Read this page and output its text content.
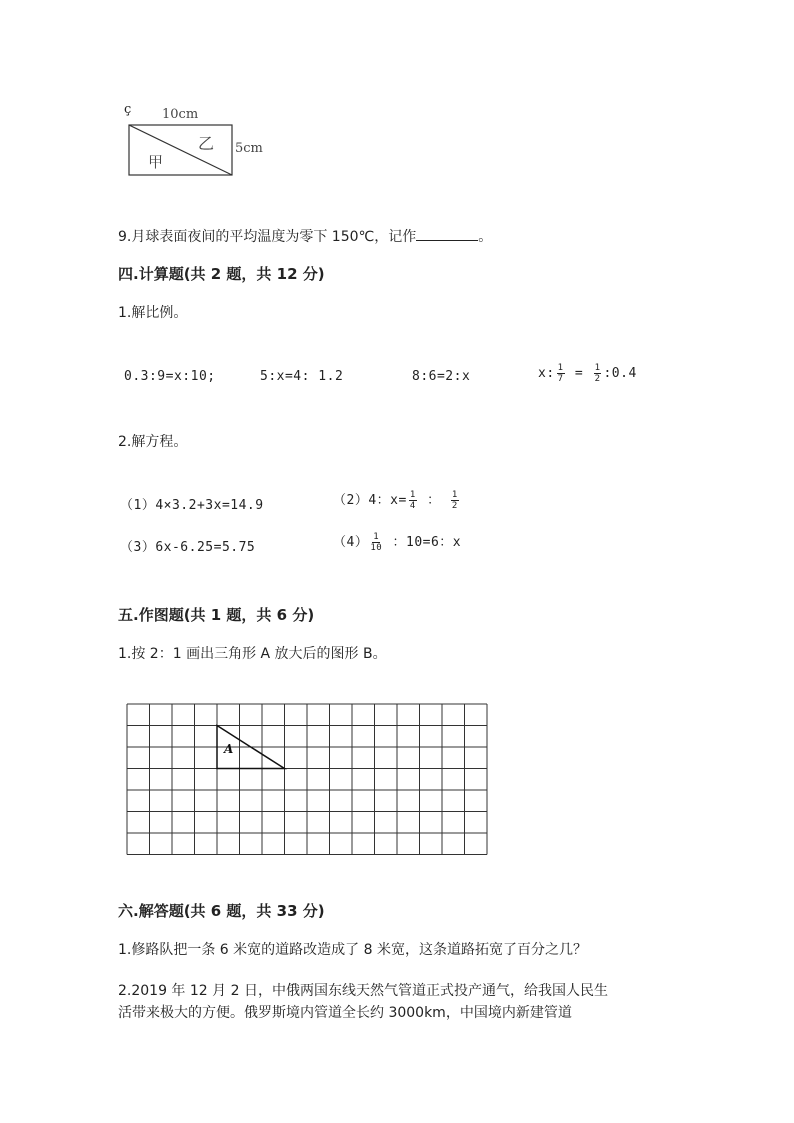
ç 10cm
5cm
乙
甲
9.月球表面夜间的平均温度为零下 150℃，记作	。
四.计算题(共 2 题，共 12 分)
1.解比例。
0.3:9=x:10;	5:x=4: 1.2	8:6=2:x	x: $\frac{1}{7} = \frac{1}{2}$ :0.4
2.解方程。
（1）4×3.2+3x=14.9	（2）4：$x= \frac{1}{4}$ ： $\frac{1}{2}$
（3）6x-6.25=5.75	$(4) \frac{1}{10}$ ：10=6：x
五.作图题(共 1 题，共 6 分)
1.按 2：1 画出三角形 A 放大后的图形 B。
A
六.解答题(共 6 题，共 33 分)
1.修路队把一条 6 米宽的道路改造成了 8 米宽，这条道路拓宽了百分之几？
2.2019 年 12 月 2 日，中俄两国东线天然气管道正式投产通气，给我国人民生
活带来极大的方便。俄罗斯境内管道全长约 3000km，中国境内新建管道
